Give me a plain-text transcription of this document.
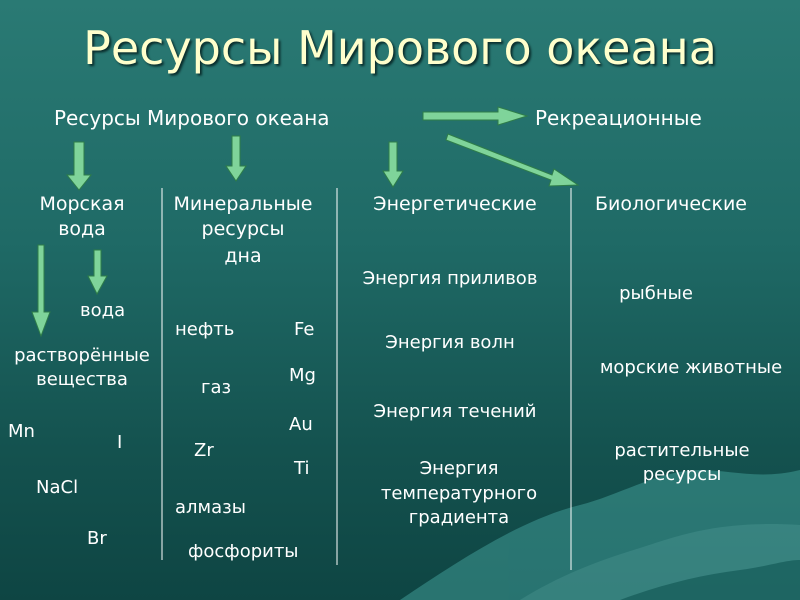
Ресурсы Мирового океана
Ресурсы Мирового океана	Рекреационные
Морская
вода
вода
растворённые
вещества
Mn
I
NaCl
Br
Минеральные
ресурсы
дна
нефть	Fe
Mg
газ
Au
Zr
Ti
алмазы
фосфориты
Энергетические
Энергия приливов
Энергия волн
Энергия течений
Энергия
температурного
градиента
Биологические
рыбные
морские животные
растительные
ресурсы
